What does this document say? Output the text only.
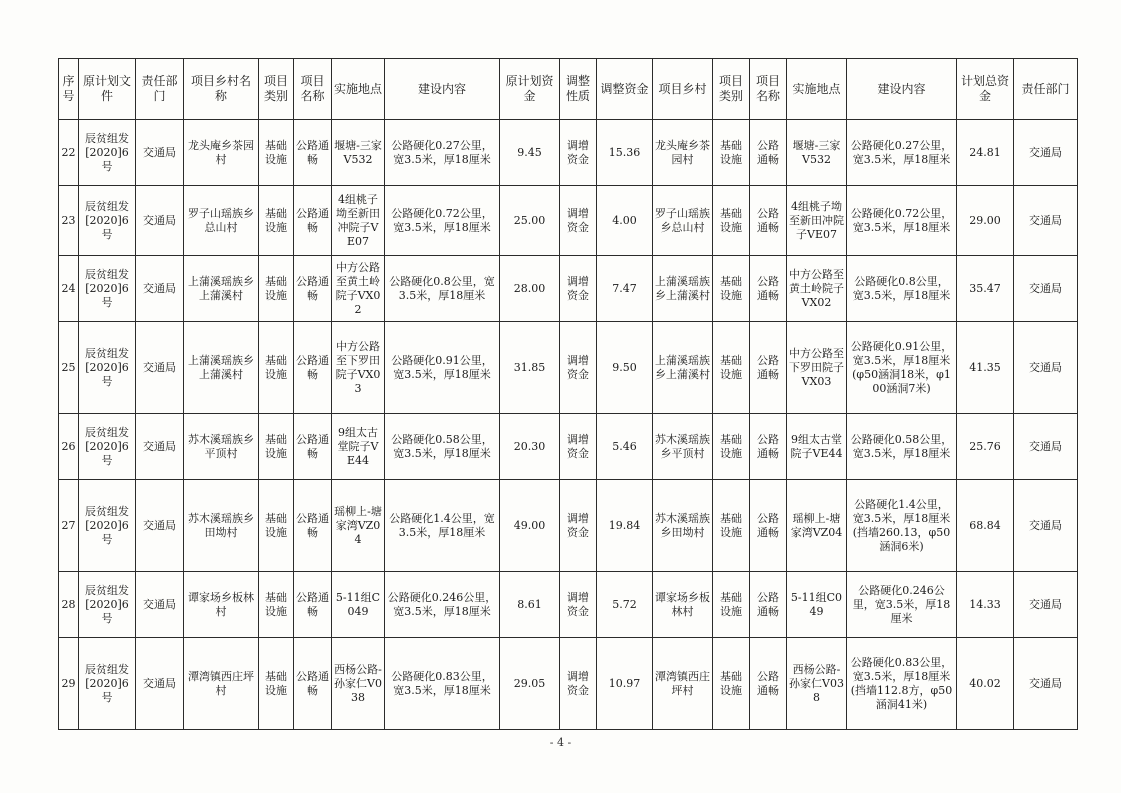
序号	原计划文件	责任部门	项目乡村名称	项目类别	项目名称	实施地点	建设内容	原计划资金	调整性质	调整资金	项目乡村	项目类别	项目名称	实施地点	建设内容	计划总资金	责任部门
22	辰贫组发[2020]6号	交通局	龙头庵乡茶园村	基础设施	公路通畅	堰塘-三家V532	公路硬化0.27公里，宽3.5米，厚18厘米	9.45	调增资金	15.36	龙头庵乡茶园村	基础设施	公路通畅	堰塘-三家V532	公路硬化0.27公里，宽3.5米，厚18厘米	24.81	交通局
23	辰贫组发[2020]6号	交通局	罗子山瑶族乡总山村	基础设施	公路通畅	4组桃子坳至新田冲院子VE07	公路硬化0.72公里，宽3.5米，厚18厘米	25.00	调增资金	4.00	罗子山瑶族乡总山村	基础设施	公路通畅	4组桃子坳至新田冲院子VE07	公路硬化0.72公里，宽3.5米，厚18厘米	29.00	交通局
24	辰贫组发[2020]6号	交通局	上蒲溪瑶族乡上蒲溪村	基础设施	公路通畅	中方公路至黄土岭院子VX02	公路硬化0.8公里，宽3.5米，厚18厘米	28.00	调增资金	7.47	上蒲溪瑶族乡上蒲溪村	基础设施	公路通畅	中方公路至黄土岭院子VX02	公路硬化0.8公里，宽3.5米，厚18厘米	35.47	交通局
25	辰贫组发[2020]6号	交通局	上蒲溪瑶族乡上蒲溪村	基础设施	公路通畅	中方公路至下罗田院子VX03	公路硬化0.91公里，宽3.5米，厚18厘米	31.85	调增资金	9.50	上蒲溪瑶族乡上蒲溪村	基础设施	公路通畅	中方公路至下罗田院子VX03	公路硬化0.91公里，宽3.5米，厚18厘米(φ50涵洞18米，φ100涵洞7米)	41.35	交通局
26	辰贫组发[2020]6号	交通局	苏木溪瑶族乡平顶村	基础设施	公路通畅	9组太古堂院子VE44	公路硬化0.58公里，宽3.5米，厚18厘米	20.30	调增资金	5.46	苏木溪瑶族乡平顶村	基础设施	公路通畅	9组太古堂院子VE44	公路硬化0.58公里，宽3.5米，厚18厘米	25.76	交通局
27	辰贫组发[2020]6号	交通局	苏木溪瑶族乡田坳村	基础设施	公路通畅	瑶柳上-塘家湾VZ04	公路硬化1.4公里，宽3.5米，厚18厘米	49.00	调增资金	19.84	苏木溪瑶族乡田坳村	基础设施	公路通畅	瑶柳上-塘家湾VZ04	公路硬化1.4公里，宽3.5米，厚18厘米(挡墙260.13，φ50涵洞6米)	68.84	交通局
28	辰贫组发[2020]6号	交通局	谭家场乡板林村	基础设施	公路通畅	5-11组C049	公路硬化0.246公里，宽3.5米，厚18厘米	8.61	调增资金	5.72	谭家场乡板林村	基础设施	公路通畅	5-11组C049	公路硬化0.246公里，宽3.5米，厚18厘米	14.33	交通局
29	辰贫组发[2020]6号	交通局	潭湾镇西庄坪村	基础设施	公路通畅	西杨公路-孙家仁V038	公路硬化0.83公里，宽3.5米，厚18厘米	29.05	调增资金	10.97	潭湾镇西庄坪村	基础设施	公路通畅	西杨公路-孙家仁V038	公路硬化0.83公里，宽3.5米，厚18厘米(挡墙112.8方，φ50涵洞41米)	40.02	交通局
- 4 -
